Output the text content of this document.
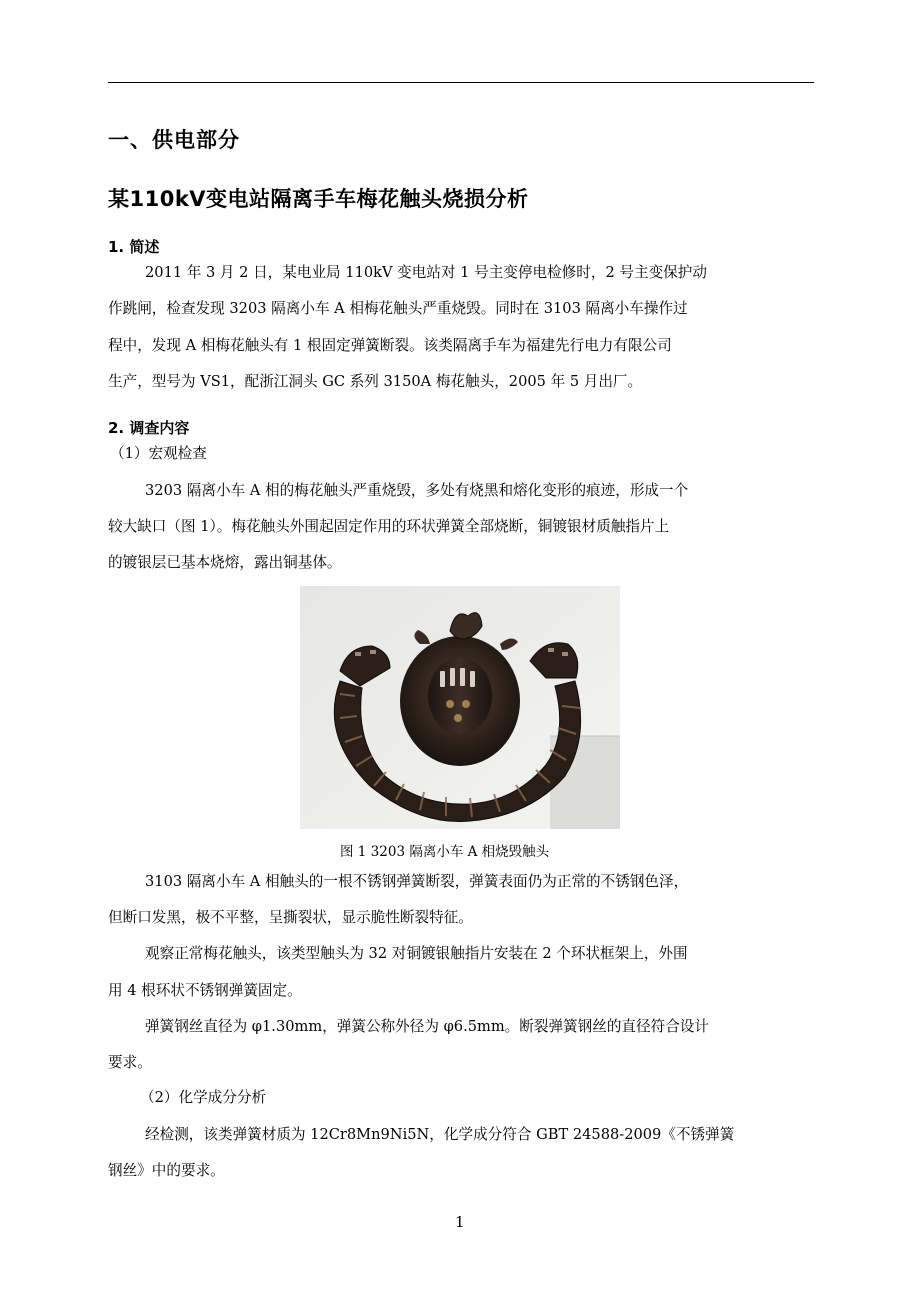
一、供电部分
某110kV变电站隔离手车梅花触头烧损分析
1. 简述
2011 年 3 月 2 日，某电业局 110kV 变电站对 1 号主变停电检修时，2 号主变保护动
作跳闸，检查发现 3203 隔离小车 A 相梅花触头严重烧毁。同时在 3103 隔离小车操作过
程中，发现 A 相梅花触头有 1 根固定弹簧断裂。该类隔离手车为福建先行电力有限公司
生产，型号为 VS1，配浙江洞头 GC 系列 3150A 梅花触头，2005 年 5 月出厂。
2. 调查内容
（1）宏观检查
3203 隔离小车 A 相的梅花触头严重烧毁，多处有烧黑和熔化变形的痕迹，形成一个
较大缺口（图 1）。梅花触头外围起固定作用的环状弹簧全部烧断，铜镀银材质触指片上
的镀银层已基本烧熔，露出铜基体。
图 1 3203 隔离小车 A 相烧毁触头
3103 隔离小车 A 相触头的一根不锈钢弹簧断裂，弹簧表面仍为正常的不锈钢色泽，
但断口发黑，极不平整，呈撕裂状，显示脆性断裂特征。
观察正常梅花触头，该类型触头为 32 对铜镀银触指片安装在 2 个环状框架上，外围
用 4 根环状不锈钢弹簧固定。
弹簧钢丝直径为 φ1.30mm，弹簧公称外径为 φ6.5mm。断裂弹簧钢丝的直径符合设计
要求。
（2）化学成分分析
经检测，该类弹簧材质为 12Cr8Mn9Ni5N，化学成分符合 GBT 24588-2009《不锈弹簧
钢丝》中的要求。
1
